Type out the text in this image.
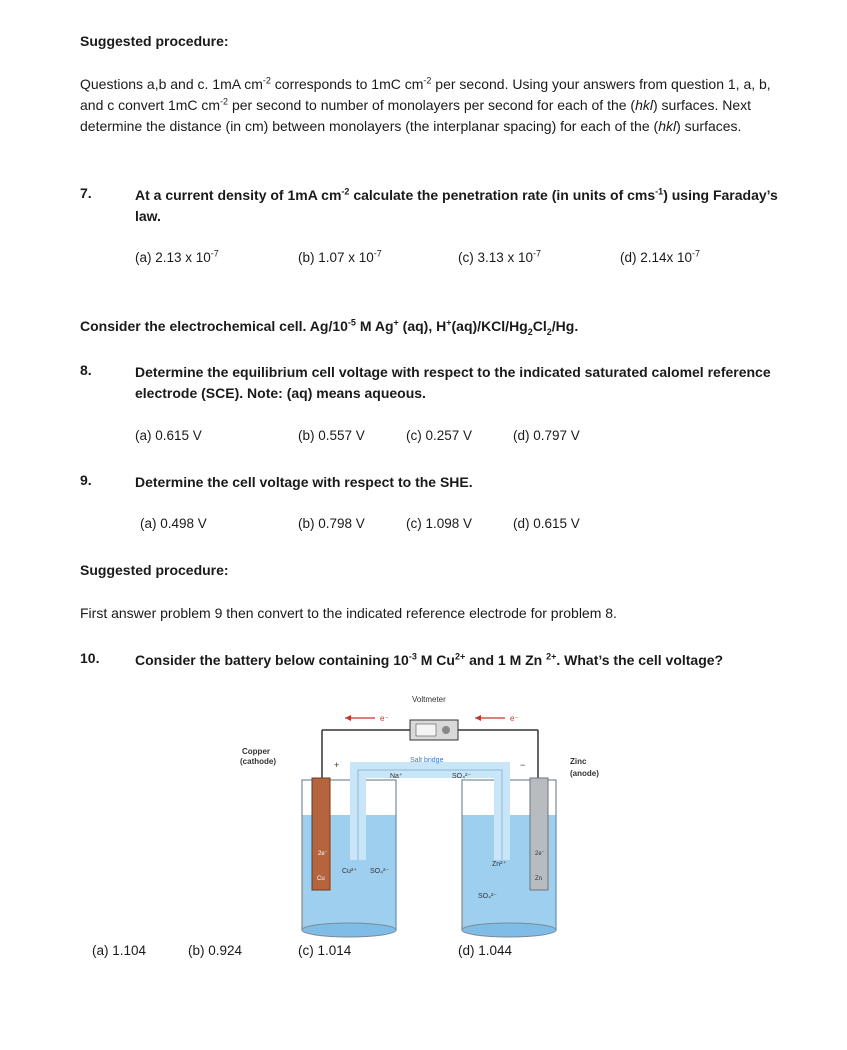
Suggested procedure:
Questions a,b and c. 1mA $cm^{-2}$ corresponds to 1mC $cm^{-2}$ per second. Using your answers from question 1, a, b, and c convert 1mC $cm^{-2}$ per second to number of monolayers per second for each of the (hkl) surfaces. Next determine the distance (in cm) between monolayers (the interplanar spacing) for each of the (hkl) surfaces.
7.	At a current density of 1mA $cm^{-2}$ calculate the penetration rate (in units of cms$^{-1}$) using Faraday’s law.
(a) 2.13 x $10^{-7}$	(b) 1.07 x $10^{-7}$	(c) 3.13 x $10^{-7}$	(d) 2.14x $10^{-7}$
Consider the electrochemical cell. $Ag/10^{-5}$ M Ag+ (aq), $H^+(aq)/KCl/Hg_2Cl_2/Hg$.
8.	Determine the equilibrium cell voltage with respect to the indicated saturated calomel reference electrode (SCE). Note: (aq) means aqueous.
(a) 0.615 V	(b) 0.557 V	(c) 0.257 V	(d) 0.797 V
9.	Determine the cell voltage with respect to the SHE.
(a) 0.498 V	(b) 0.798 V	(c) 1.098 V	(d) 0.615 V
Suggested procedure:
First answer problem 9 then convert to the indicated reference electrode for problem 8.
10.	Consider the battery below containing $10^{-3}$ M $Cu^{2+}$ and 1 M Zn $^{2+}$. What’s the cell voltage?
e⁻	e⁻
Voltmeter
Salt bridge
Na⁺	SO₄²⁻
2e⁻
Cu
+
Copper
(cathode)
2e⁻
Zn
−	Zinc
(anode)
Cu²⁺ SO₄²⁻
Zn²⁺
SO₄²⁻
(a) 1.104	(b) 0.924	(c) 1.014	(d) 1.044
